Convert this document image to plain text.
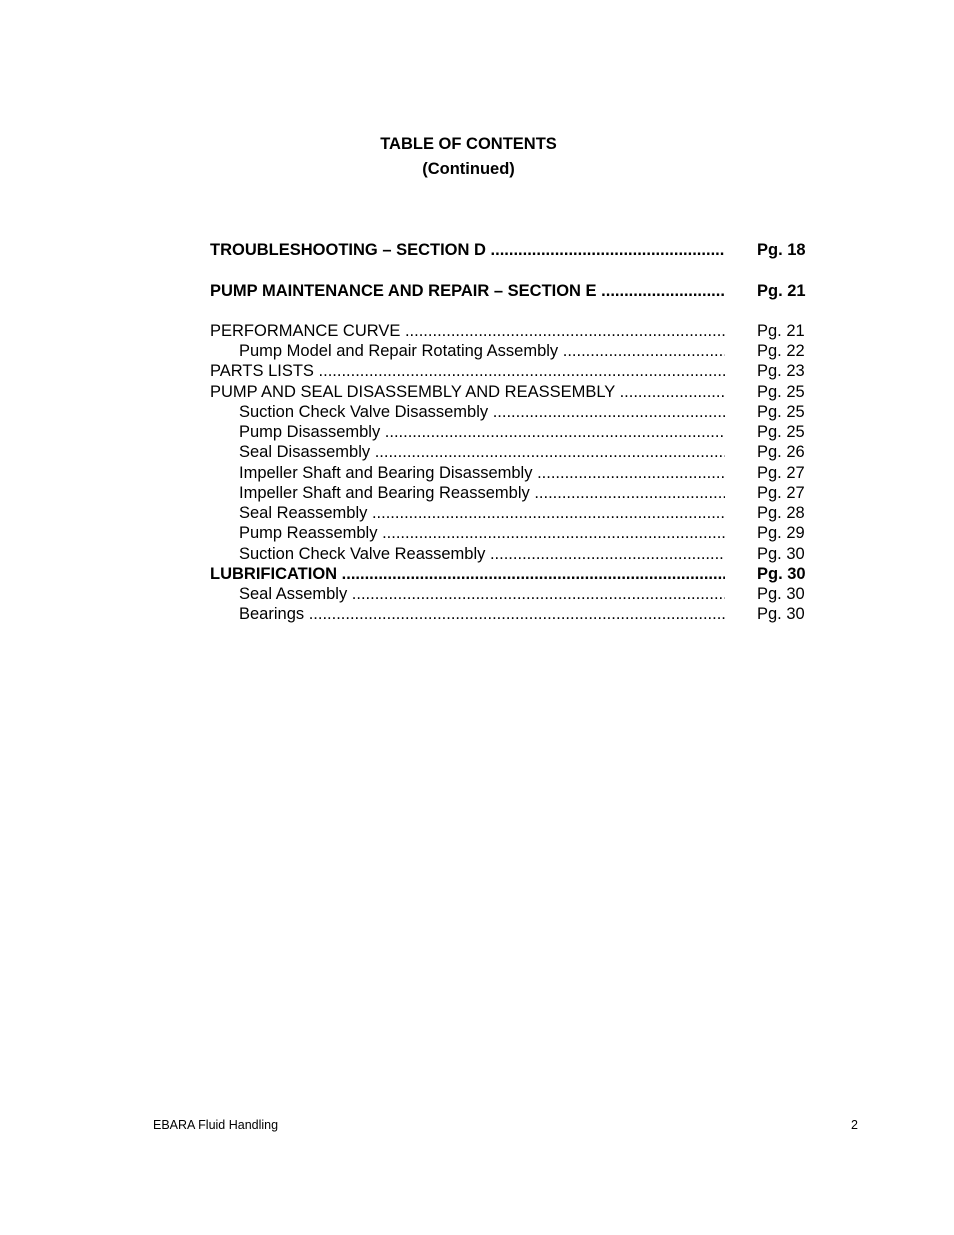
TABLE OF CONTENTS
(Continued)
TROUBLESHOOTING – SECTION D .....	Pg. 18
PUMP MAINTENANCE AND REPAIR – SECTION E .....	Pg. 21
PERFORMANCE CURVE .....	Pg. 21
Pump Model and Repair Rotating Assembly .....	Pg. 22
PARTS LISTS .....	Pg. 23
PUMP AND SEAL DISASSEMBLY AND REASSEMBLY .....	Pg. 25
Suction Check Valve Disassembly .....	Pg. 25
Pump Disassembly .....	Pg. 25
Seal Disassembly .....	Pg. 26
Impeller Shaft and Bearing Disassembly .....	Pg. 27
Impeller Shaft and Bearing Reassembly .....	Pg. 27
Seal Reassembly .....	Pg. 28
Pump Reassembly .....	Pg. 29
Suction Check Valve Reassembly .....	Pg. 30
LUBRIFICATION .....	Pg. 30
Seal Assembly .....	Pg. 30
Bearings .....	Pg. 30
EBARA Fluid Handling	2
